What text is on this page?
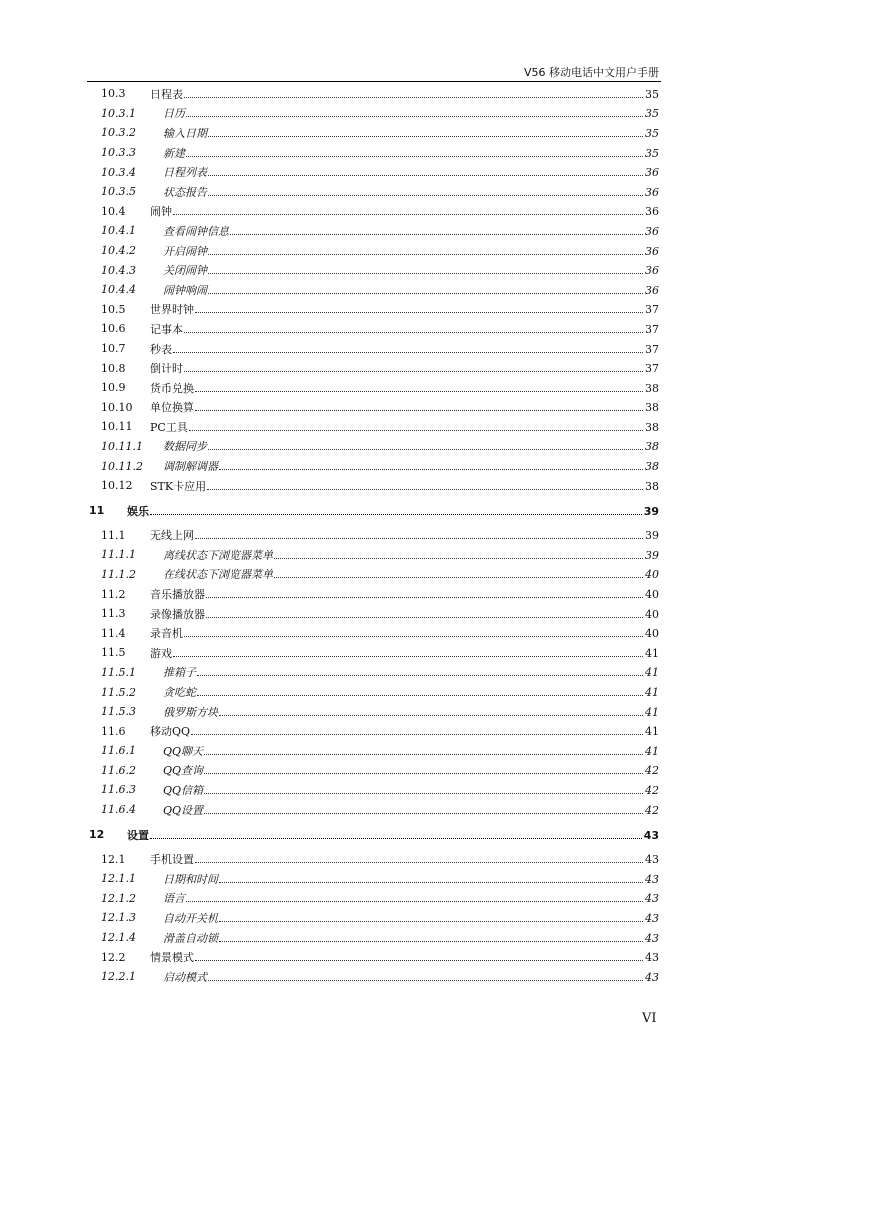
V56 移动电话中文用户手册
10.3	日程表	35
10.3.1	日历	35
10.3.2	输入日期	35
10.3.3	新建	35
10.3.4	日程列表	36
10.3.5	状态报告	36
10.4	闹钟	36
10.4.1	查看闹钟信息	36
10.4.2	开启闹钟	36
10.4.3	关闭闹钟	36
10.4.4	闹钟响闹	36
10.5	世界时钟	37
10.6	记事本	37
10.7	秒表	37
10.8	倒计时	37
10.9	货币兑换	38
10.10	单位换算	38
10.11	PC工具	38
10.11.1	数据同步	38
10.11.2	调制解调器	38
10.12	STK卡应用	38
11	娱乐	39
11.1	无线上网	39
11.1.1	离线状态下浏览器菜单	39
11.1.2	在线状态下浏览器菜单	40
11.2	音乐播放器	40
11.3	录像播放器	40
11.4	录音机	40
11.5	游戏	41
11.5.1	推箱子	41
11.5.2	贪吃蛇	41
11.5.3	俄罗斯方块	41
11.6	移动QQ	41
11.6.1	QQ聊天	41
11.6.2	QQ查询	42
11.6.3	QQ信箱	42
11.6.4	QQ设置	42
12	设置	43
12.1	手机设置	43
12.1.1	日期和时间	43
12.1.2	语言	43
12.1.3	自动开关机	43
12.1.4	滑盖自动锁	43
12.2	情景模式	43
12.2.1	启动模式	43
VI
